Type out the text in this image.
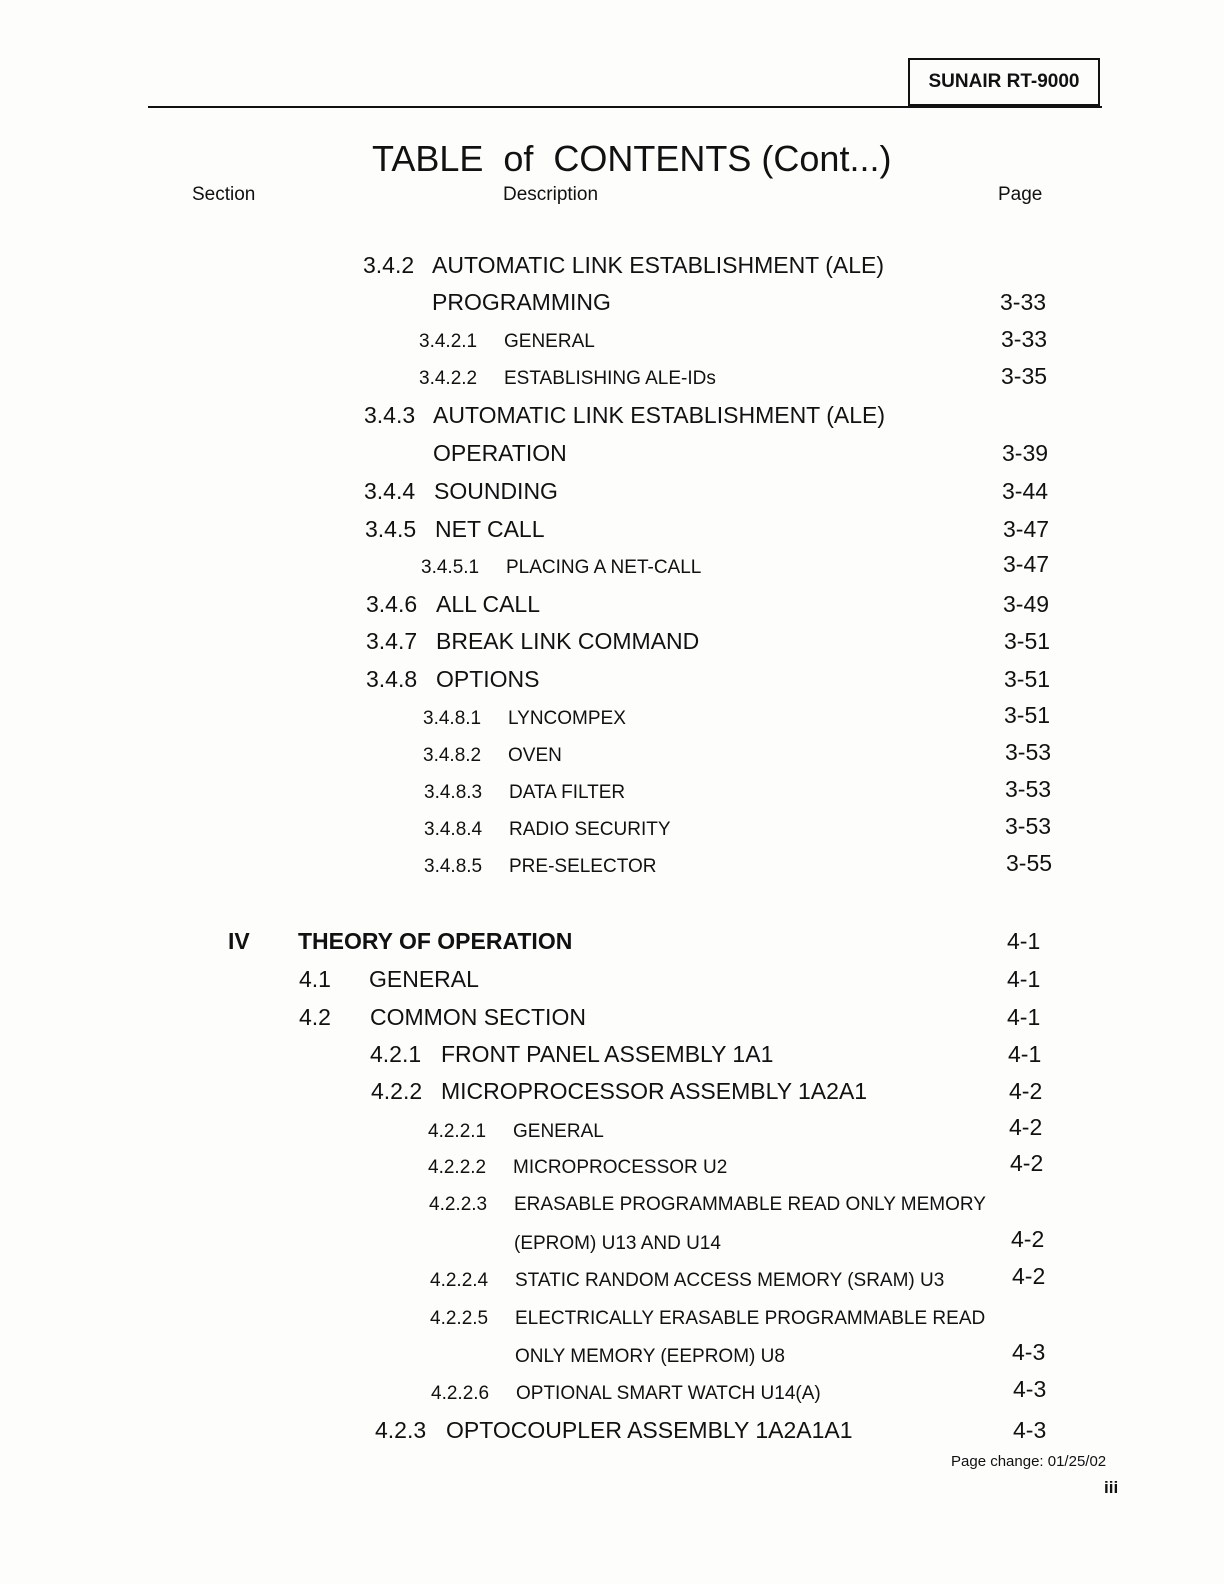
SUNAIR RT-9000
TABLE  of  CONTENTS (Cont...)
Section	Description	Page
3.4.2 AUTOMATIC LINK ESTABLISHMENT (ALE)
PROGRAMMING	3-33
3.4.2.1 GENERAL	3-33
3.4.2.2 ESTABLISHING ALE-IDs	3-35
3.4.3 AUTOMATIC LINK ESTABLISHMENT (ALE)
OPERATION	3-39
3.4.4 SOUNDING	3-44
3.4.5 NET CALL	3-47
3.4.5.1 PLACING A NET-CALL	3-47
3.4.6 ALL CALL	3-49
3.4.7 BREAK LINK COMMAND	3-51
3.4.8 OPTIONS	3-51
3.4.8.1 LYNCOMPEX	3-51
3.4.8.2 OVEN	3-53
3.4.8.3 DATA FILTER	3-53
3.4.8.4 RADIO SECURITY	3-53
3.4.8.5 PRE-SELECTOR	3-55
IV THEORY OF OPERATION	4-1
4.1 GENERAL	4-1
4.2 COMMON SECTION	4-1
4.2.1 FRONT PANEL ASSEMBLY 1A1	4-1
4.2.2 MICROPROCESSOR ASSEMBLY 1A2A1	4-2
4.2.2.1 GENERAL	4-2
4.2.2.2 MICROPROCESSOR U2	4-2
4.2.2.3 ERASABLE PROGRAMMABLE READ ONLY MEMORY
(EPROM) U13 AND U14	4-2
4.2.2.4 STATIC RANDOM ACCESS MEMORY (SRAM) U3	4-2
4.2.2.5 ELECTRICALLY ERASABLE PROGRAMMABLE READ
ONLY MEMORY (EEPROM) U8	4-3
4.2.2.6 OPTIONAL SMART WATCH U14(A)	4-3
4.2.3 OPTOCOUPLER ASSEMBLY 1A2A1A1	4-3
Page change: 01/25/02
iii
